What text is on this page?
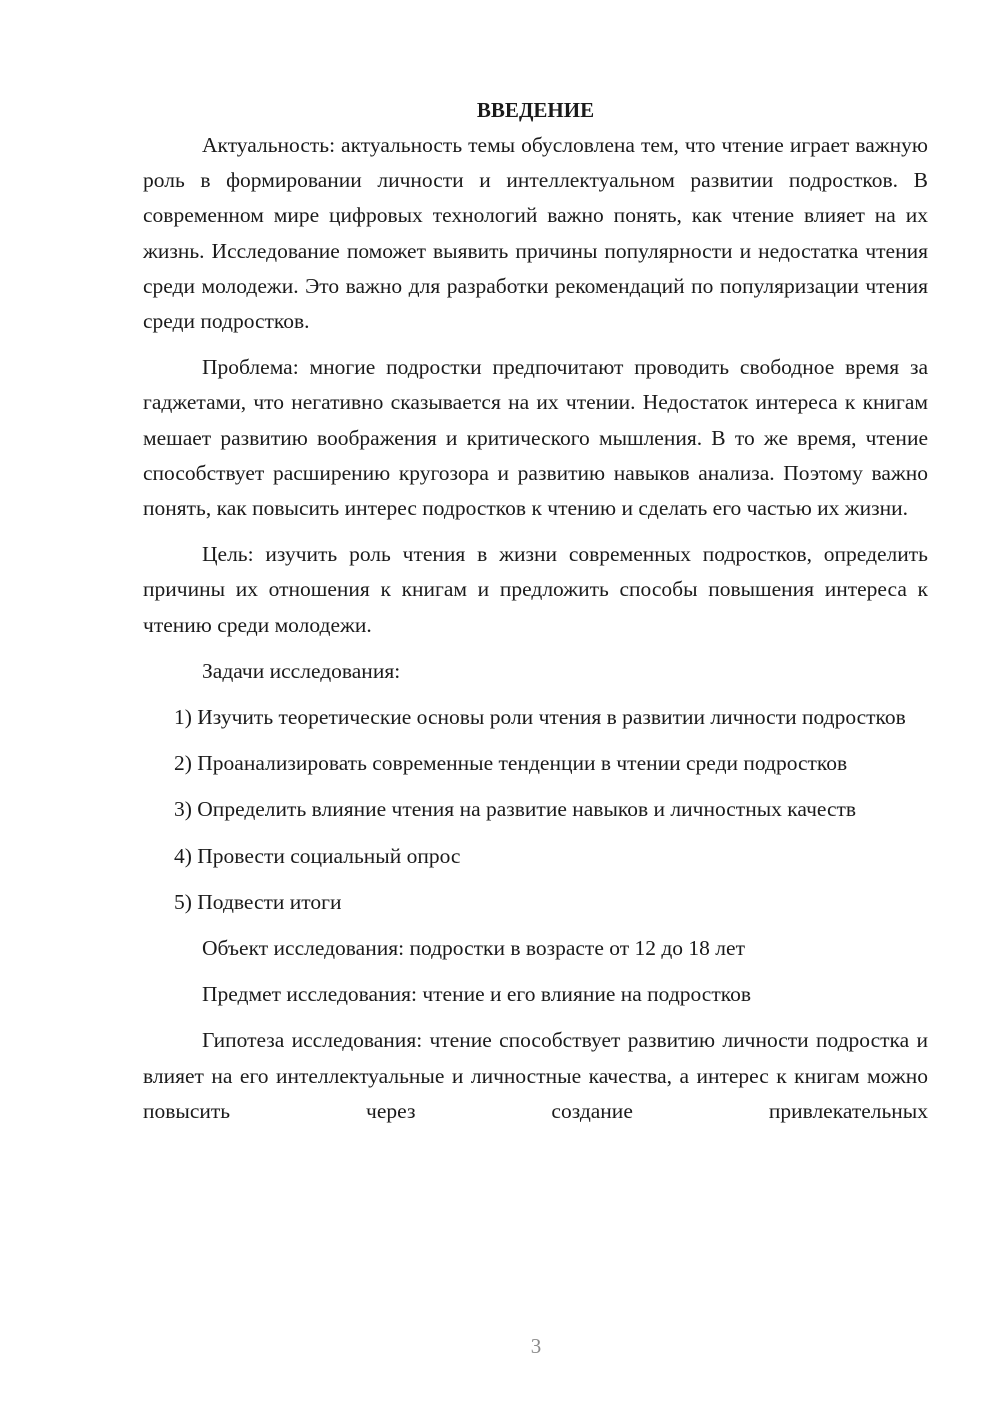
ВВЕДЕНИЕ

Актуальность: актуальность темы обусловлена тем, что чтение играет важную роль в формировании личности и интеллектуальном развитии подростков. В современном мире цифровых технологий важно понять, как чтение влияет на их жизнь. Исследование поможет выявить причины популярности и недостатка чтения среди молодежи. Это важно для разработки рекомендаций по популяризации чтения среди подростков.

Проблема: многие подростки предпочитают проводить свободное время за гаджетами, что негативно сказывается на их чтении. Недостаток интереса к книгам мешает развитию воображения и критического мышления. В то же время, чтение способствует расширению кругозора и развитию навыков анализа. Поэтому важно понять, как повысить интерес подростков к чтению и сделать его частью их жизни.

Цель: изучить роль чтения в жизни современных подростков, определить причины их отношения к книгам и предложить способы повышения интереса к чтению среди молодежи.

Задачи исследования:

1) Изучить теоретические основы роли чтения в развитии личности подростков

2) Проанализировать современные тенденции в чтении среди подростков

3) Определить влияние чтения на развитие навыков и личностных качеств

4) Провести социальный опрос

5) Подвести итоги

Объект исследования: подростки в возрасте от 12 до 18 лет

Предмет исследования: чтение и его влияние на подростков

Гипотеза исследования: чтение способствует развитию личности подростка и влияет на его интеллектуальные и личностные качества, а интерес к книгам можно повысить через создание привлекательных

3
